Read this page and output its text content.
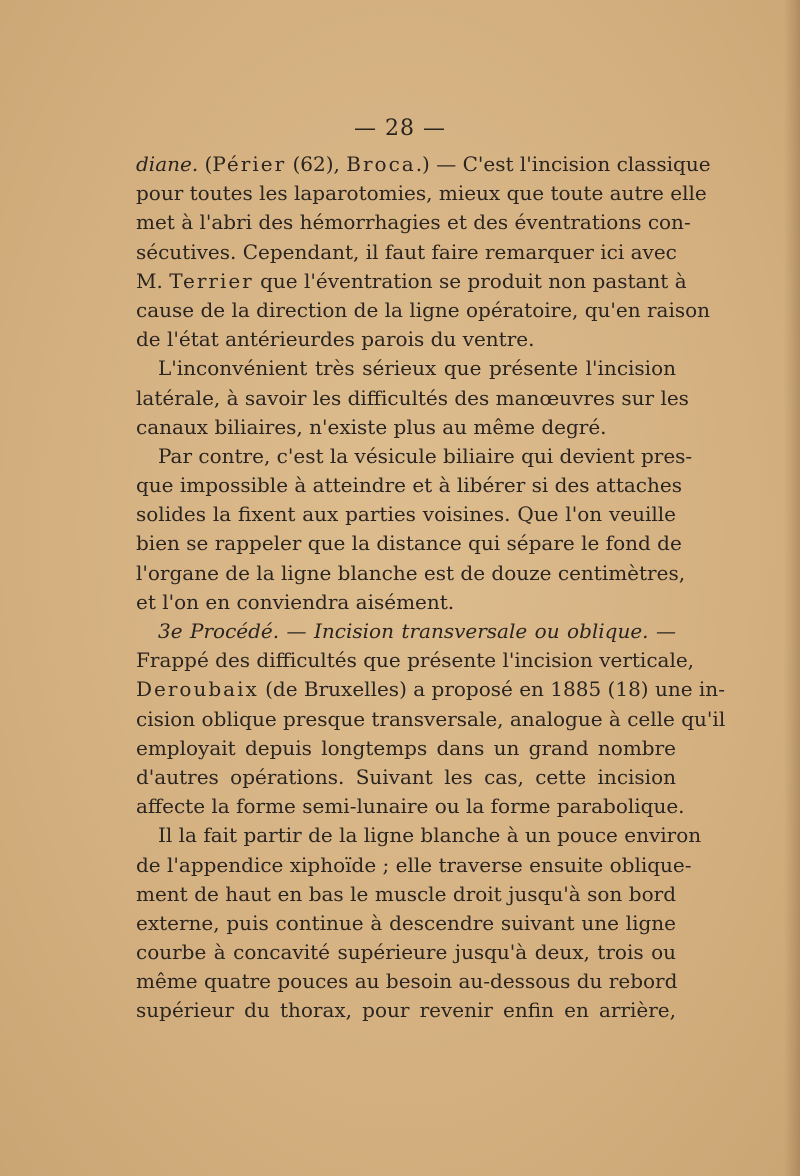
— 28 —
diane. (Périer (62), Broca.) — C'est l'incision classique
pour toutes les laparotomies, mieux que toute autre elle
met à l'abri des hémorrhagies et des éventrations con-
sécutives. Cependant, il faut faire remarquer ici avec
M. Terrier que l'éventration se produit non pastant à
cause de la direction de la ligne opératoire, qu'en raison
de l'état antérieurdes parois du ventre.
L'inconvénient très sérieux que présente l'incision
latérale, à savoir les difficultés des manœuvres sur les
canaux biliaires, n'existe plus au même degré.
Par contre, c'est la vésicule biliaire qui devient pres-
que impossible à atteindre et à libérer si des attaches
solides la fixent aux parties voisines. Que l'on veuille
bien se rappeler que la distance qui sépare le fond de
l'organe de la ligne blanche est de douze centimètres,
et l'on en conviendra aisément.
3e Procédé. — Incision transversale ou oblique. —
Frappé des difficultés que présente l'incision verticale,
Deroubaix (de Bruxelles) a proposé en 1885 (18) une in-
cision oblique presque transversale, analogue à celle qu'il
employait depuis longtemps dans un grand nombre
d'autres opérations. Suivant les cas, cette incision
affecte la forme semi-lunaire ou la forme parabolique.
Il la fait partir de la ligne blanche à un pouce environ
de l'appendice xiphoïde ; elle traverse ensuite oblique-
ment de haut en bas le muscle droit jusqu'à son bord
externe, puis continue à descendre suivant une ligne
courbe à concavité supérieure jusqu'à deux, trois ou
même quatre pouces au besoin au-dessous du rebord
supérieur du thorax, pour revenir enfin en arrière,
